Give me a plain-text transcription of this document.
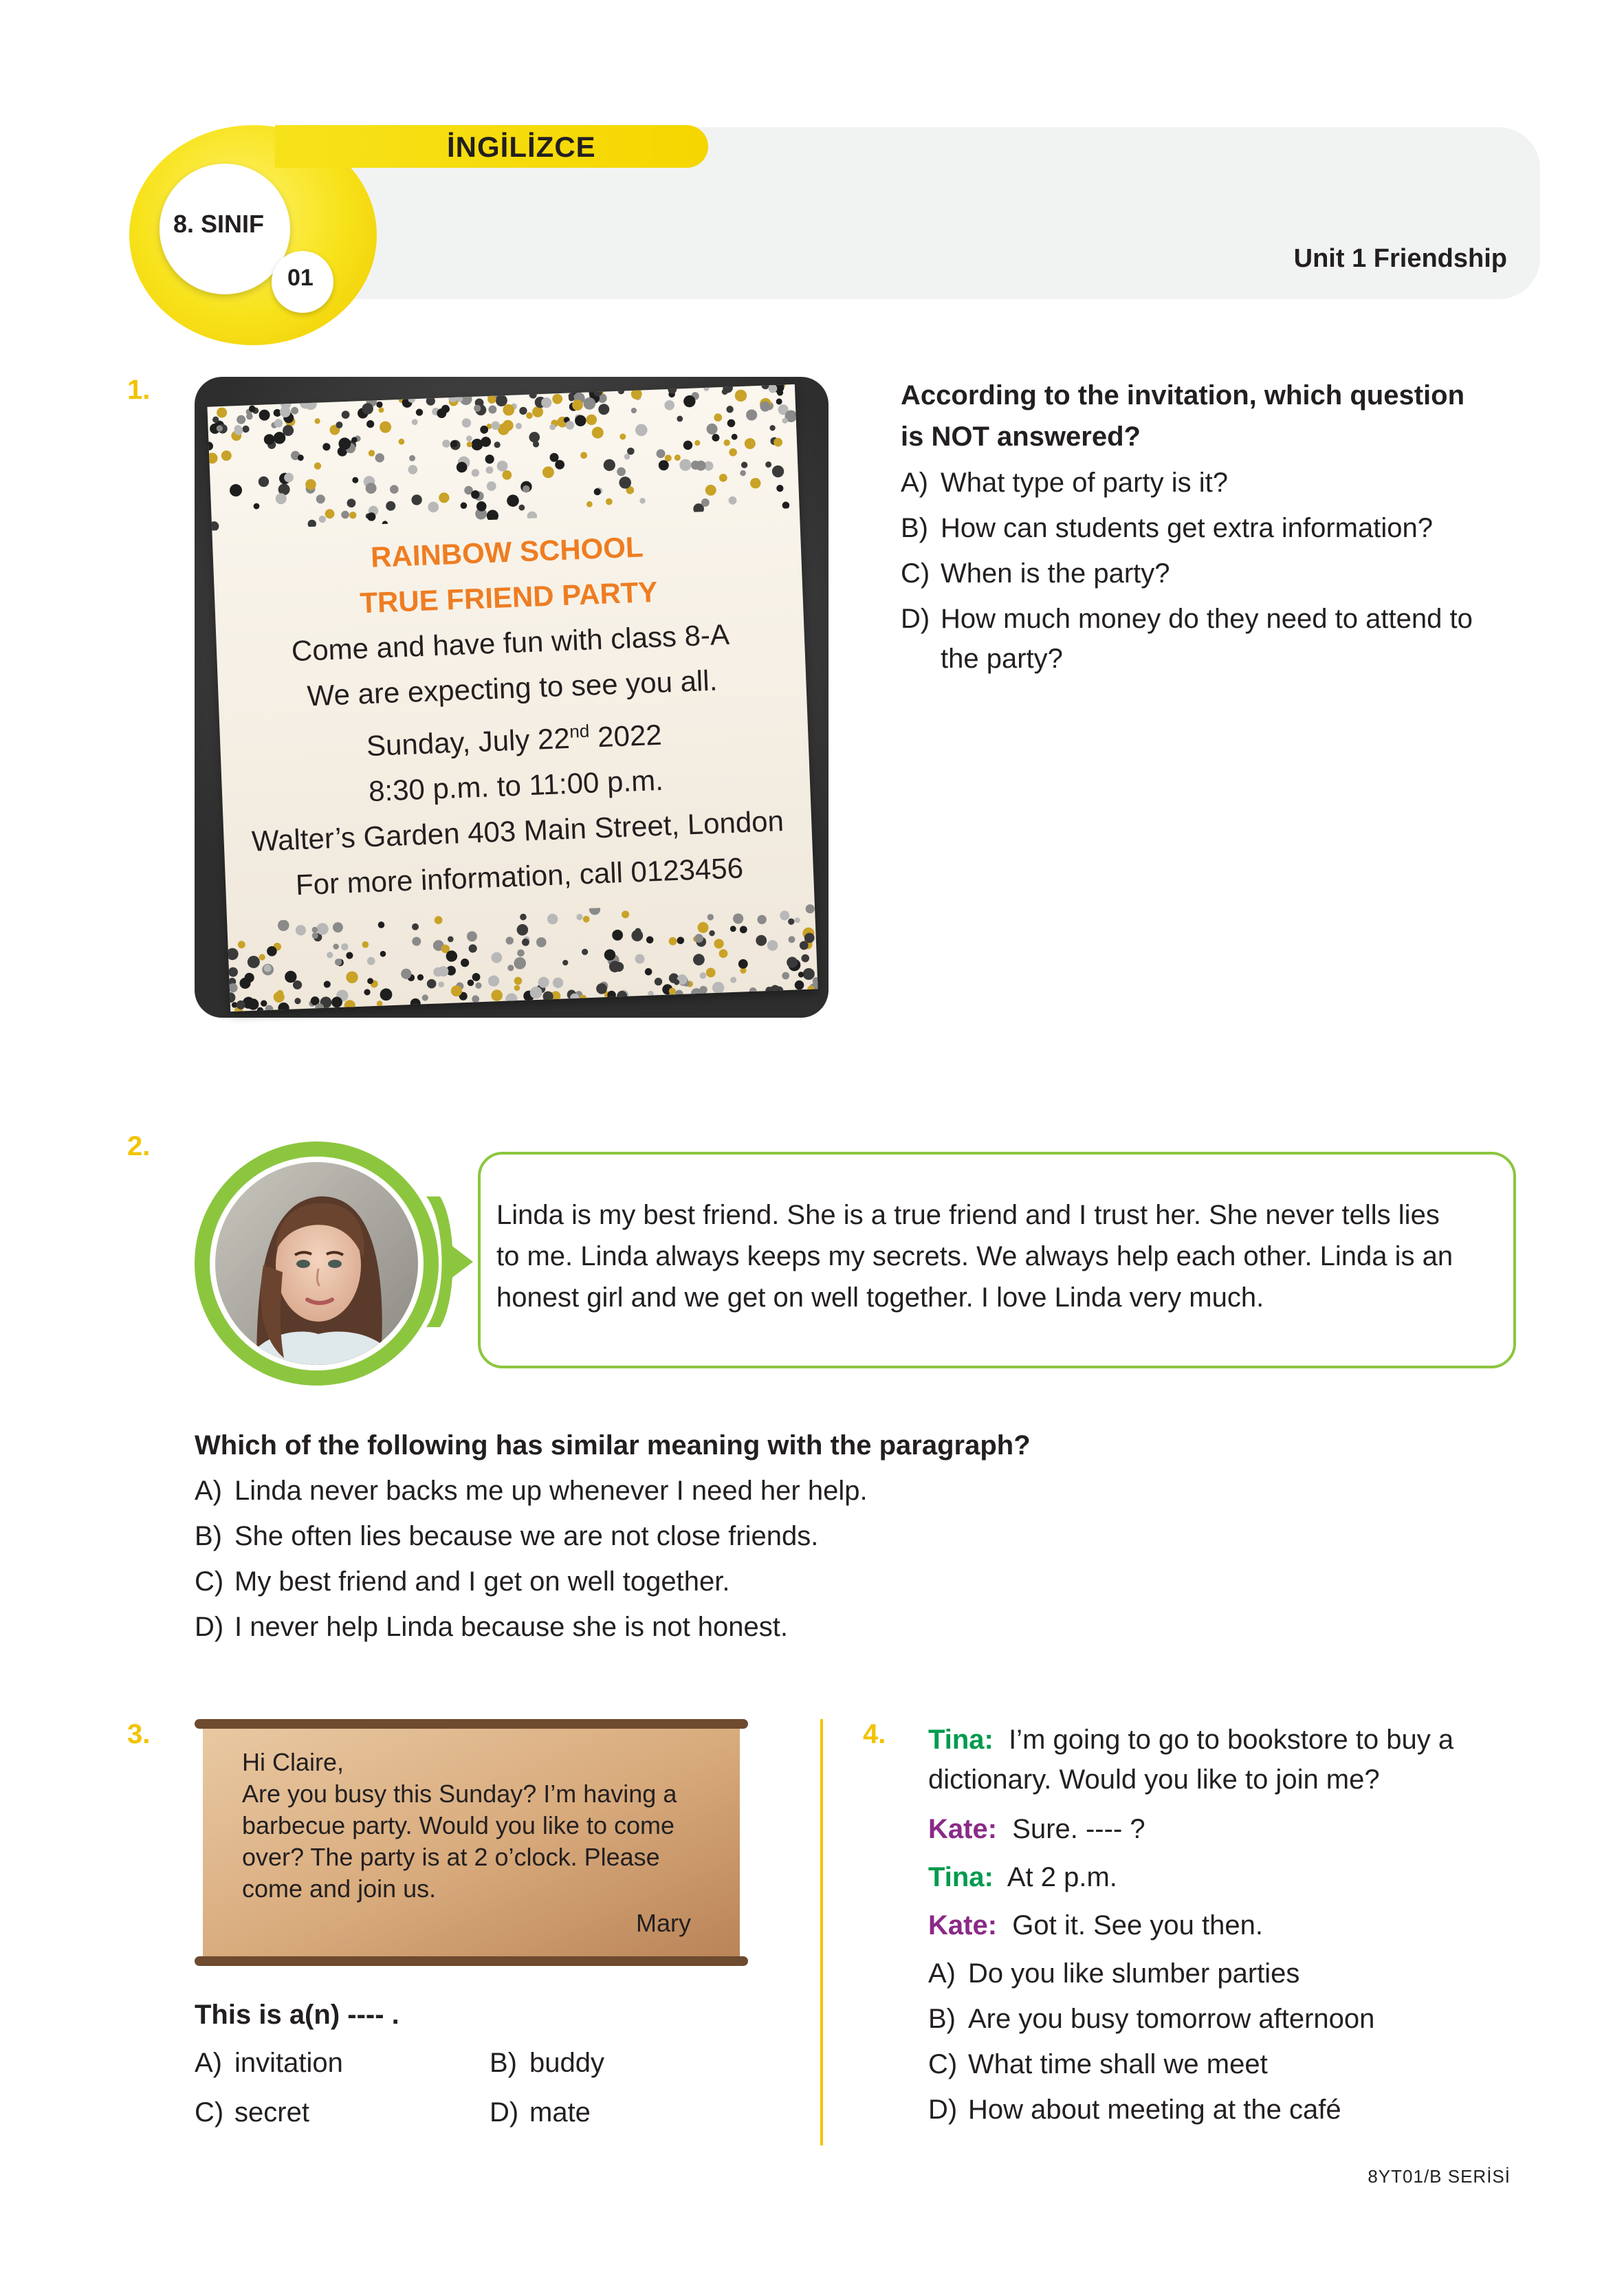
İNGİLİZCE
8. SINIF
01
Unit 1 Friendship
1.
RAINBOW SCHOOL
TRUE FRIEND PARTY
Come and have fun with class 8-A
We are expecting to see you all.
Sunday, July 22nd 2022
8:30 p.m. to 11:00 p.m.
Walter’s Garden 403 Main Street, London
For more information, call 0123456
According to the invitation, which question
is NOT answered?
A) What type of party is it?
B) How can students get extra information?
C) When is the party?
D) How much money do they need to attend to
the party?
2.
Linda is my best friend. She is a true friend and I trust her. She never tells lies
to me. Linda always keeps my secrets. We always help each other. Linda is an
honest girl and we get on well together. I love Linda very much.
Which of the following has similar meaning with the paragraph?
A) Linda never backs me up whenever I need her help.
B) She often lies because we are not close friends.
C) My best friend and I get on well together.
D) I never help Linda because she is not honest.
3.
Hi Claire,
Are you busy this Sunday? I’m having a
barbecue party. Would you like to come
over? The party is at 2 o’clock. Please
come and join us.
Mary
This is a(n) ---- .
A) invitation	B) buddy
C) secret	D) mate
4. Tina: I’m going to go to bookstore to buy a
dictionary. Would you like to join me?
Kate: Sure. ---- ?
Tina: At 2 p.m.
Kate: Got it. See you then.
A) Do you like slumber parties
B) Are you busy tomorrow afternoon
C) What time shall we meet
D) How about meeting at the café
8YT01/B SERİSİ
